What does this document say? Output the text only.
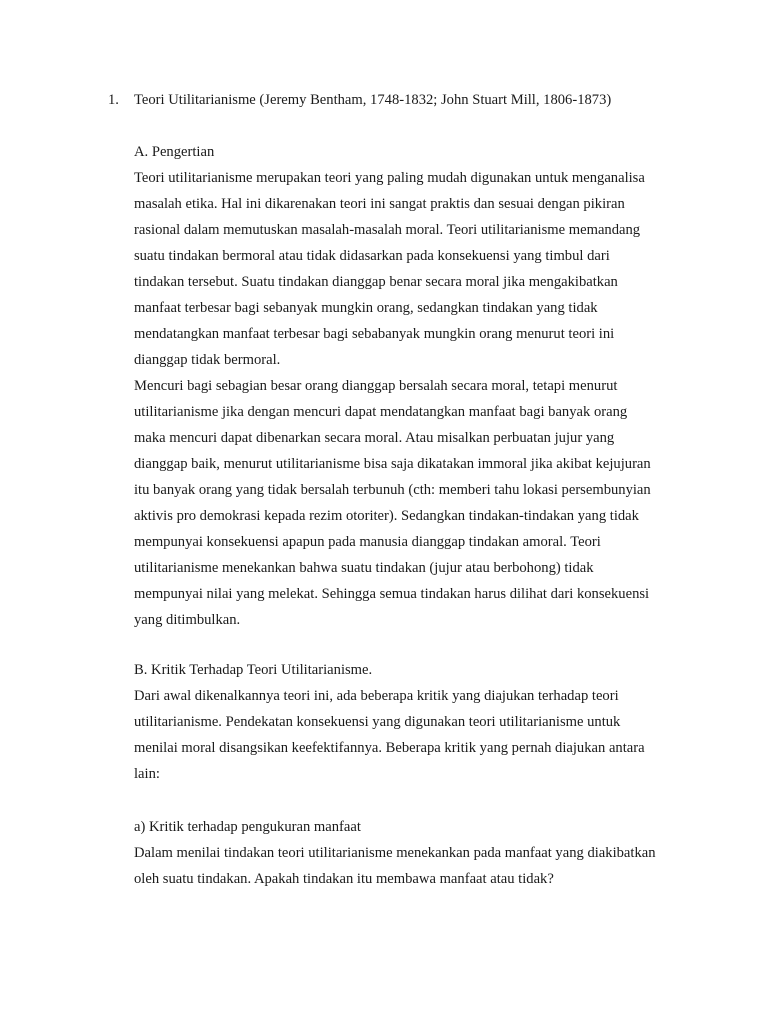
1. Teori Utilitarianisme (Jeremy Bentham, 1748-1832; John Stuart Mill, 1806-1873)
A. Pengertian
Teori utilitarianisme merupakan teori yang paling mudah digunakan untuk menganalisa
masalah etika. Hal ini dikarenakan teori ini sangat praktis dan sesuai dengan pikiran
rasional dalam memutuskan masalah-masalah moral. Teori utilitarianisme memandang
suatu tindakan bermoral atau tidak didasarkan pada konsekuensi yang timbul dari
tindakan tersebut. Suatu tindakan dianggap benar secara moral jika mengakibatkan
manfaat terbesar bagi sebanyak mungkin orang, sedangkan tindakan yang tidak
mendatangkan manfaat terbesar bagi sebabanyak mungkin orang menurut teori ini
dianggap tidak bermoral.
Mencuri bagi sebagian besar orang dianggap bersalah secara moral, tetapi menurut
utilitarianisme jika dengan mencuri dapat mendatangkan manfaat bagi banyak orang
maka mencuri dapat dibenarkan secara moral. Atau misalkan perbuatan jujur yang
dianggap baik, menurut utilitarianisme bisa saja dikatakan immoral jika akibat kejujuran
itu banyak orang yang tidak bersalah terbunuh (cth: memberi tahu lokasi persembunyian
aktivis pro demokrasi kepada rezim otoriter). Sedangkan tindakan-tindakan yang tidak
mempunyai konsekuensi apapun pada manusia dianggap tindakan amoral. Teori
utilitarianisme menekankan bahwa suatu tindakan (jujur atau berbohong) tidak
mempunyai nilai yang melekat. Sehingga semua tindakan harus dilihat dari konsekuensi
yang ditimbulkan.
B. Kritik Terhadap Teori Utilitarianisme.
Dari awal dikenalkannya teori ini, ada beberapa kritik yang diajukan terhadap teori
utilitarianisme. Pendekatan konsekuensi yang digunakan teori utilitarianisme untuk
menilai moral disangsikan keefektifannya. Beberapa kritik yang pernah diajukan antara
lain:
a) Kritik terhadap pengukuran manfaat
Dalam menilai tindakan teori utilitarianisme menekankan pada manfaat yang diakibatkan
oleh suatu tindakan. Apakah tindakan itu membawa manfaat atau tidak?
